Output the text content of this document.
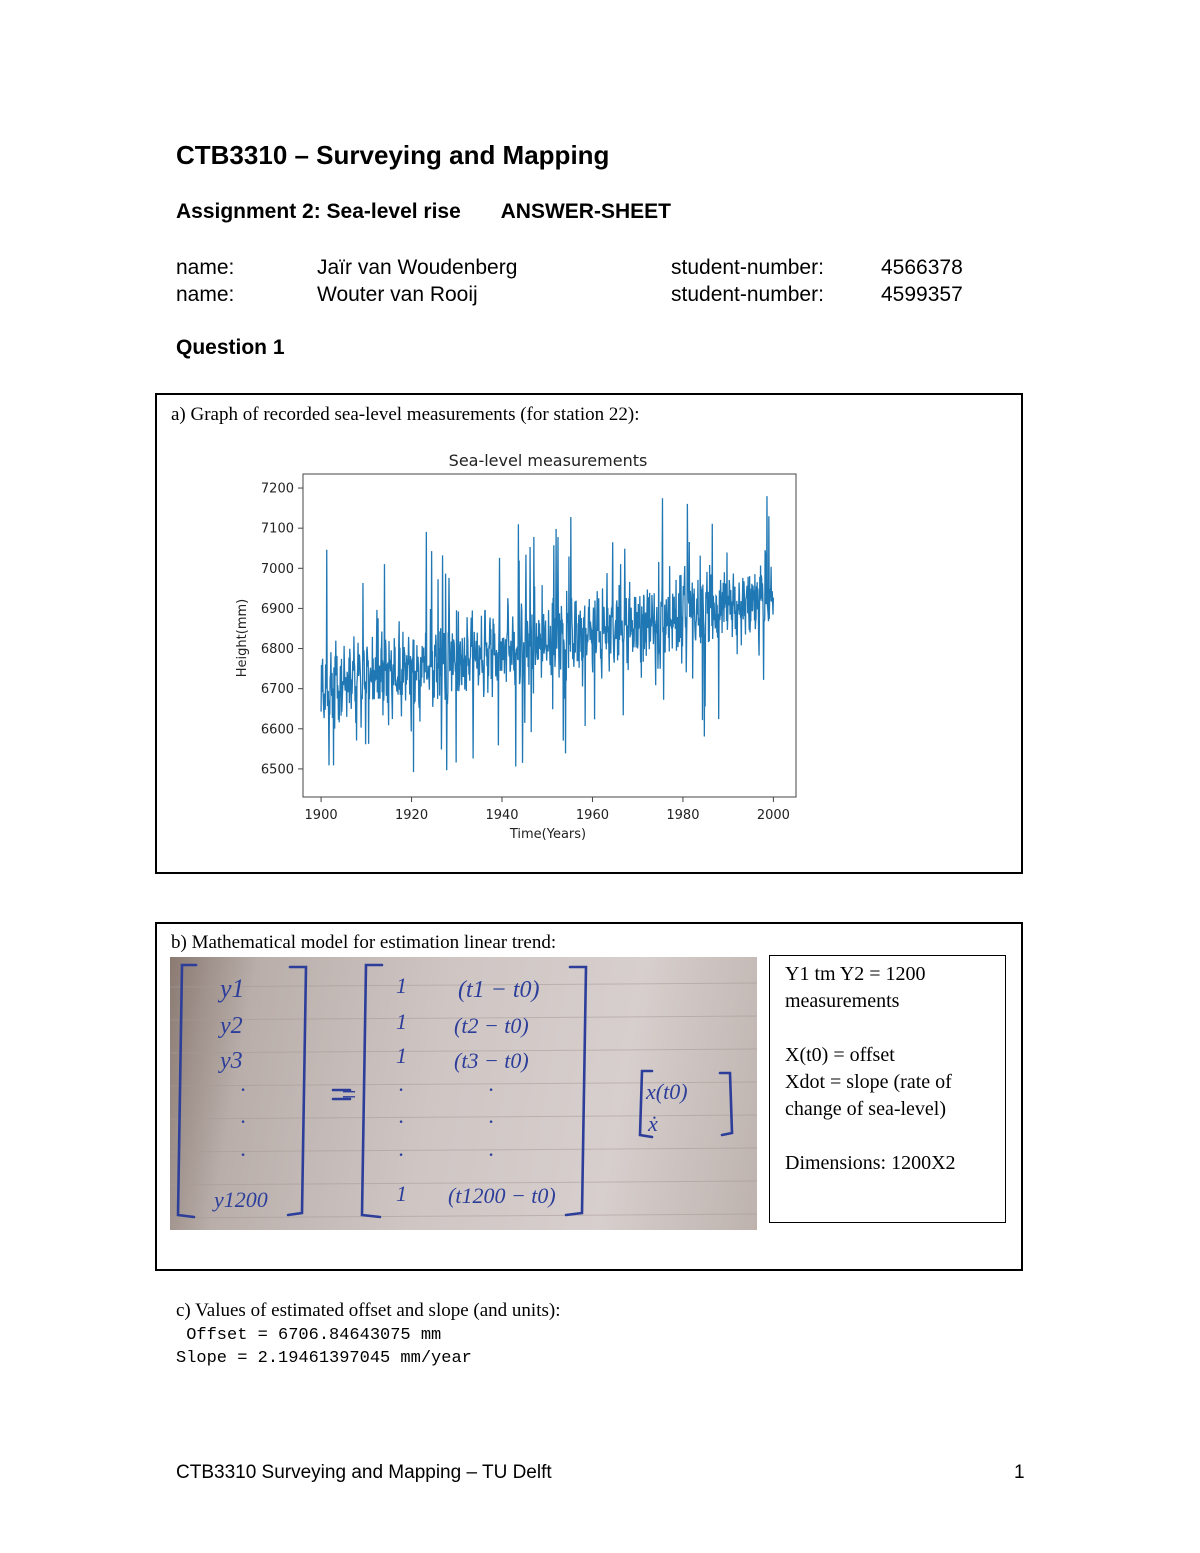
CTB3310 – Surveying and Mapping
Assignment 2: Sea-level rise ANSWER-SHEET
name:	Jaïr van Woudenberg	student-number:	4566378
name:	Wouter van Rooij	student-number:	4599357
Question 1
a) Graph of recorded sea-level measurements (for station 22):
Sea-level measurements
1900	1920	1940	1960	1980	2000
6500
6600
6700
6800
6900
7000
7100
7200
Time(Years)
Height(mm)
b) Mathematical model for estimation linear trend:
y1
y2
y3
·
·
·
y1200
=
1
1
1
·
·
·
1
(t1 − t0)
(t2 − t0)
(t3 − t0)
·
·
·
(t1200 − t0)
x(t0)
ẋ
Y1 tm Y2 = 1200
measurements

X(t0) = offset
Xdot = slope (rate of
change of sea-level)

Dimensions: 1200X2
c) Values of estimated offset and slope (and units):
Offset = 6706.84643075 mm
Slope = 2.19461397045 mm/year
CTB3310 Surveying and Mapping – TU Delft	1
